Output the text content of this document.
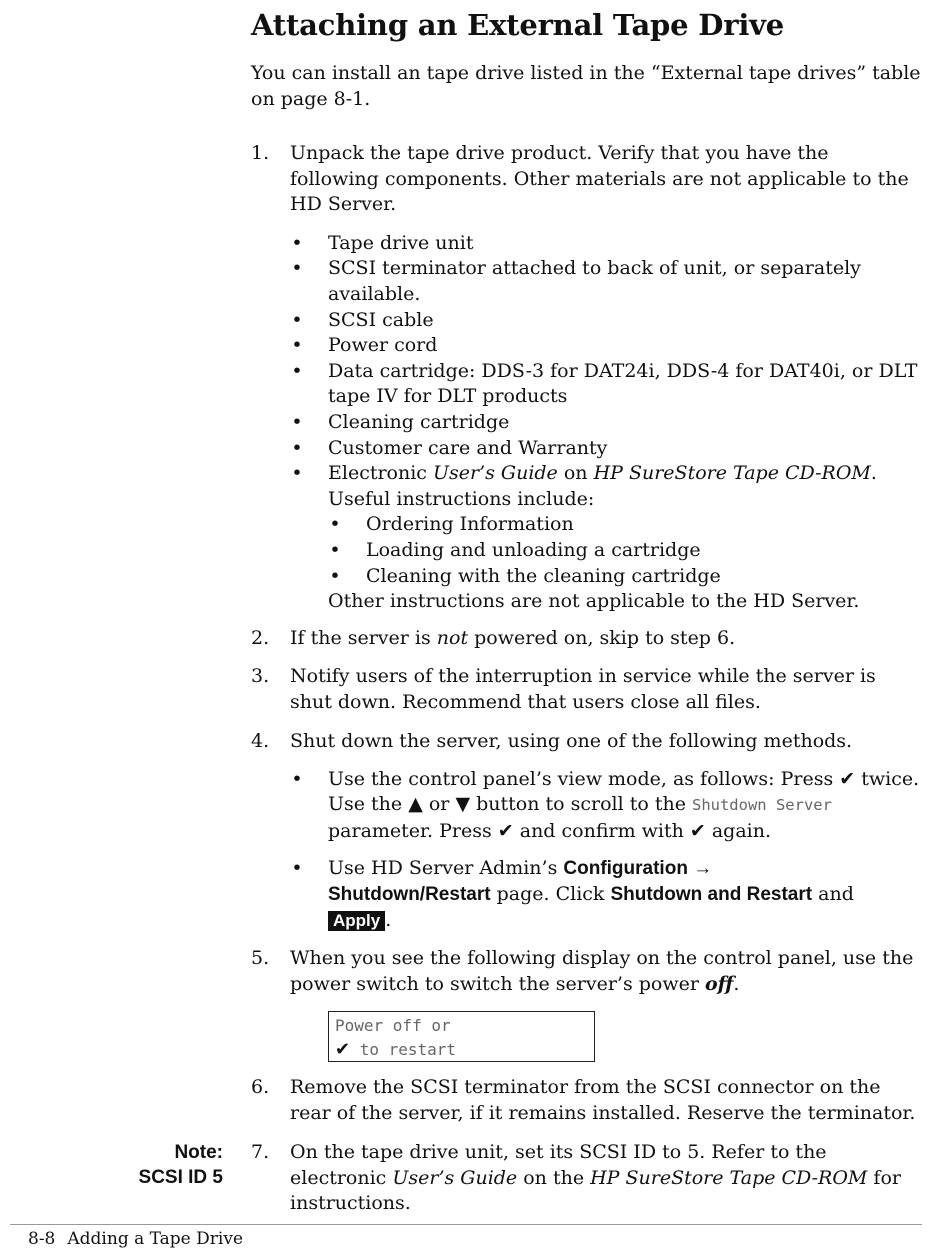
Attaching an External Tape Drive
You can install an tape drive listed in the “External tape drives” table on page 8-1.
1.	Unpack the tape drive product. Verify that you have the following components. Other materials are not applicable to the HD Server.
• Tape drive unit
• SCSI terminator attached to back of unit, or separately available.
• SCSI cable
• Power cord
• Data cartridge: DDS-3 for DAT24i, DDS-4 for DAT40i, or DLT tape IV for DLT products
• Cleaning cartridge
• Customer care and Warranty
• Electronic User’s Guide on HP SureStore Tape CD-ROM.
Useful instructions include:
• Ordering Information
• Loading and unloading a cartridge
• Cleaning with the cleaning cartridge
Other instructions are not applicable to the HD Server.
2.	If the server is not powered on, skip to step 6.
3.	Notify users of the interruption in service while the server is shut down. Recommend that users close all files.
4.	Shut down the server, using one of the following methods.
• Use the control panel’s view mode, as follows: Press ✔ twice. Use the ▲ or ▼ button to scroll to the Shutdown Server parameter. Press ✔ and confirm with ✔ again.
• Use HD Server Admin’s Configuration →
Shutdown/Restart page. Click Shutdown and Restart and
Apply .
5.	When you see the following display on the control panel, use the power switch to switch the server’s power off.
Power off or
✔ to restart
6.	Remove the SCSI terminator from the SCSI connector on the rear of the server, if it remains installed. Reserve the terminator.
7.	On the tape drive unit, set its SCSI ID to 5. Refer to the electronic User’s Guide on the HP SureStore Tape CD-ROM for instructions.
Note:
SCSI ID 5
8-8 Adding a Tape Drive
